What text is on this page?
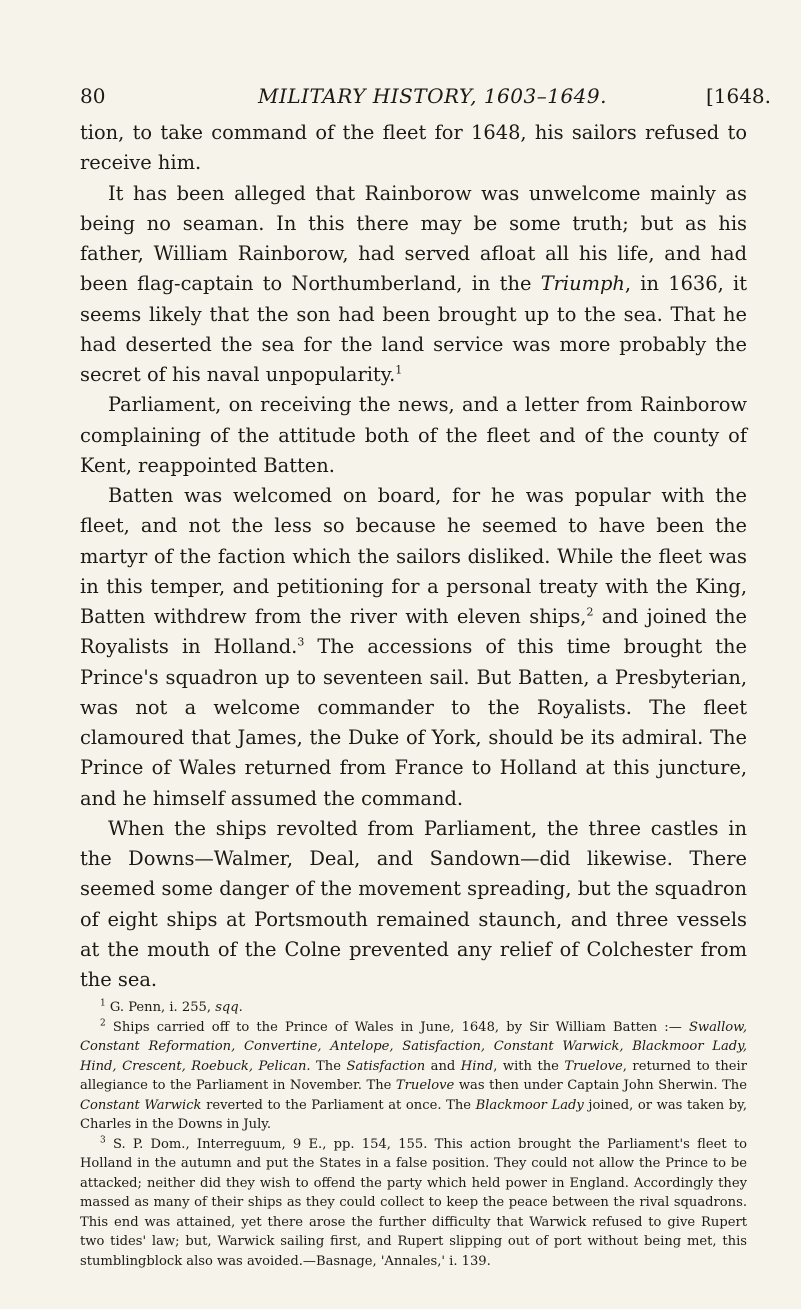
80	MILITARY HISTORY, 1603–1649.	[1648.

tion, to take command of the fleet for 1648, his sailors refused to receive him.

It has been alleged that Rainborow was unwelcome mainly as being no seaman. In this there may be some truth; but as his father, William Rainborow, had served afloat all his life, and had been flag-captain to Northumberland, in the Triumph, in 1636, it seems likely that the son had been brought up to the sea. That he had deserted the sea for the land service was more probably the secret of his naval unpopularity.$^1$

Parliament, on receiving the news, and a letter from Rainborow complaining of the attitude both of the fleet and of the county of Kent, reappointed Batten.

Batten was welcomed on board, for he was popular with the fleet, and not the less so because he seemed to have been the martyr of the faction which the sailors disliked. While the fleet was in this temper, and petitioning for a personal treaty with the King, Batten withdrew from the river with eleven ships,$^2$ and joined the Royalists in Holland.$^3$ The accessions of this time brought the Prince's squadron up to seventeen sail. But Batten, a Presbyterian, was not a welcome commander to the Royalists. The fleet clamoured that James, the Duke of York, should be its admiral. The Prince of Wales returned from France to Holland at this juncture, and he himself assumed the command.

When the ships revolted from Parliament, the three castles in the Downs—Walmer, Deal, and Sandown—did likewise. There seemed some danger of the movement spreading, but the squadron of eight ships at Portsmouth remained staunch, and three vessels at the mouth of the Colne prevented any relief of Colchester from the sea.

$^1$ G. Penn, i. 255, sqq.

$^2$ Ships carried off to the Prince of Wales in June, 1648, by Sir William Batten :— Swallow, Constant Reformation, Convertine, Antelope, Satisfaction, Constant Warwick, Blackmoor Lady, Hind, Crescent, Roebuck, Pelican. The Satisfaction and Hind, with the Truelove, returned to their allegiance to the Parliament in November. The Truelove was then under Captain John Sherwin. The Constant Warwick reverted to the Parliament at once. The Blackmoor Lady joined, or was taken by, Charles in the Downs in July.

$^3$ S. P. Dom., Interreguum, 9 E., pp. 154, 155. This action brought the Parliament's fleet to Holland in the autumn and put the States in a false position. They could not allow the Prince to be attacked; neither did they wish to offend the party which held power in England. Accordingly they massed as many of their ships as they could collect to keep the peace between the rival squadrons. This end was attained, yet there arose the further difficulty that Warwick refused to give Rupert two tides' law; but, Warwick sailing first, and Rupert slipping out of port without being met, this stumblingblock also was avoided.—Basnage, 'Annales,' i. 139.
